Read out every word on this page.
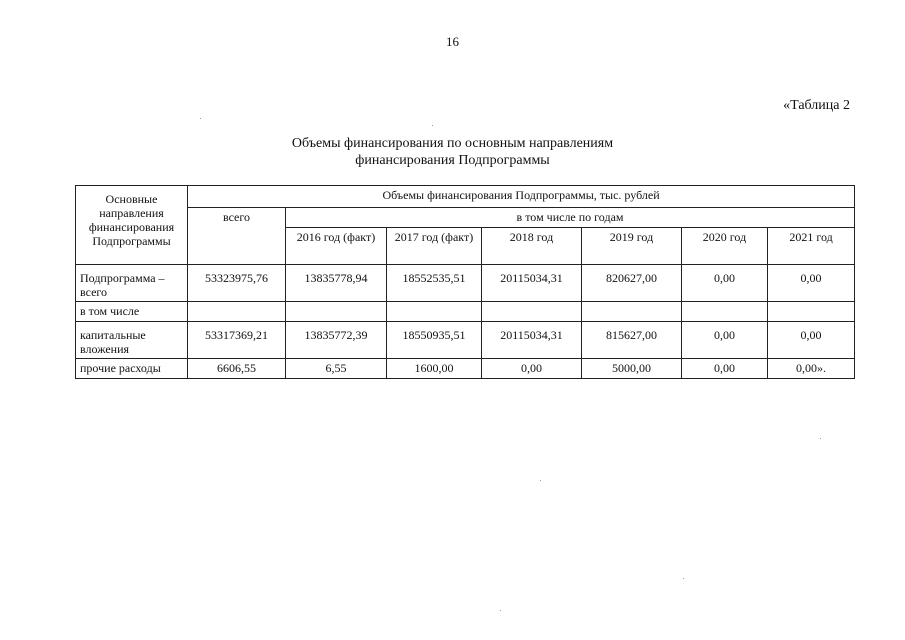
16
«Таблица 2
Объемы финансирования по основным направлениям
финансирования Подпрограммы
Основные направления финансирования Подпрограммы	Объемы финансирования Подпрограммы, тыс. рублей						
	всего	в том числе по годам					
		2016 год (факт)	2017 год (факт)	2018 год	2019 год	2020 год	2021 год
Подпрограмма – всего	53323975,76	13835778,94	18552535,51	20115034,31	820627,00	0,00	0,00
в том числе							
капитальные вложения	53317369,21	13835772,39	18550935,51	20115034,31	815627,00	0,00	0,00
прочие расходы	6606,55	6,55	1600,00	0,00	5000,00	0,00	0,00».
